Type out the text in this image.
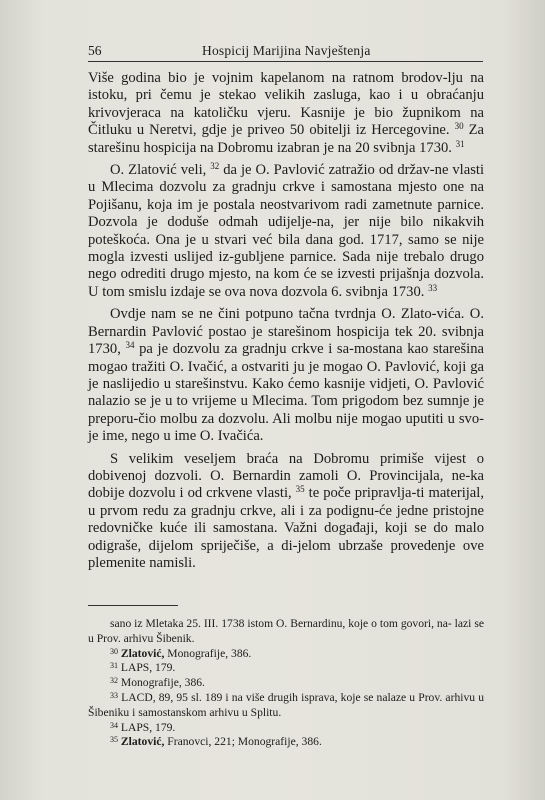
56	Hospicij Marijina Navještenja

Više godina bio je vojnim kapelanom na ratnom brodov-lju na istoku, pri čemu je stekao velikih zasluga, kao i u obraćanju krivovjeraca na katoličku vjeru. Kasnije je bio župnikom na Čitluku u Neretvi, gdje je priveo 50 obitelji iz Hercegovine. $^{30}$ Za starešinu hospicija na Dobromu izabran je na 20 svibnja 1730. $^{31}$

O. Zlatović veli, $^{32}$ da je O. Pavlović zatražio od držav-ne vlasti u Mlecima dozvolu za gradnju crkve i samostana mjesto one na Pojišanu, koja im je postala neostvarivom radi zametnute parnice. Dozvola je doduše odmah udijelje-na, jer nije bilo nikakvih poteškoća. Ona je u stvari već bila dana god. 1717, samo se nije mogla izvesti uslijed iz-gubljene parnice. Sada nije trebalo drugo nego odrediti drugo mjesto, na kom će se izvesti prijašnja dozvola. U tom smislu izdaje se ova nova dozvola 6. svibnja 1730. $^{33}$

Ovdje nam se ne čini potpuno tačna tvrdnja O. Zlato-vića. O. Bernardin Pavlović postao je starešinom hospicija tek 20. svibnja 1730, $^{34}$ pa je dozvolu za gradnju crkve i sa-mostana kao starešina mogao tražiti O. Ivačić, a ostvariti ju je mogao O. Pavlović, koji ga je naslijedio u starešinstvu. Kako ćemo kasnije vidjeti, O. Pavlović nalazio se je u to vrijeme u Mlecima. Tom prigodom bez sumnje je preporu-čio molbu za dozvolu. Ali molbu nije mogao uputiti u svo-je ime, nego u ime O. Ivačića.

S velikim veseljem braća na Dobromu primiše vijest o dobivenoj dozvoli. O. Bernardin zamoli O. Provincijala, ne-ka dobije dozvolu i od crkvene vlasti, $^{35}$ te poče pripravlja-ti materijal, u prvom redu za gradnju crkve, ali i za podignu-će jedne pristojne redovničke kuće ili samostana. Važni događaji, koji se do malo odigraše, dijelom spriječiše, a di-jelom ubrzaše provedenje ove plemenite namisli.

sano iz Mletaka 25. III. 1738 istom O. Bernardinu, koje o tom govori, na- lazi se u Prov. arhivu Šibenik.

$^{30}$ Zlatović, Monografije, 386.

$^{31}$ LAPS, 179.

$^{32}$ Monografije, 386.

$^{33}$ LACD, 89, 95 sl. 189 i na više drugih isprava, koje se nalaze u Prov. arhivu u Šibeniku i samostanskom arhivu u Splitu.

$^{34}$ LAPS, 179.

$^{35}$ Zlatović, Franovci, 221; Monografije, 386.
